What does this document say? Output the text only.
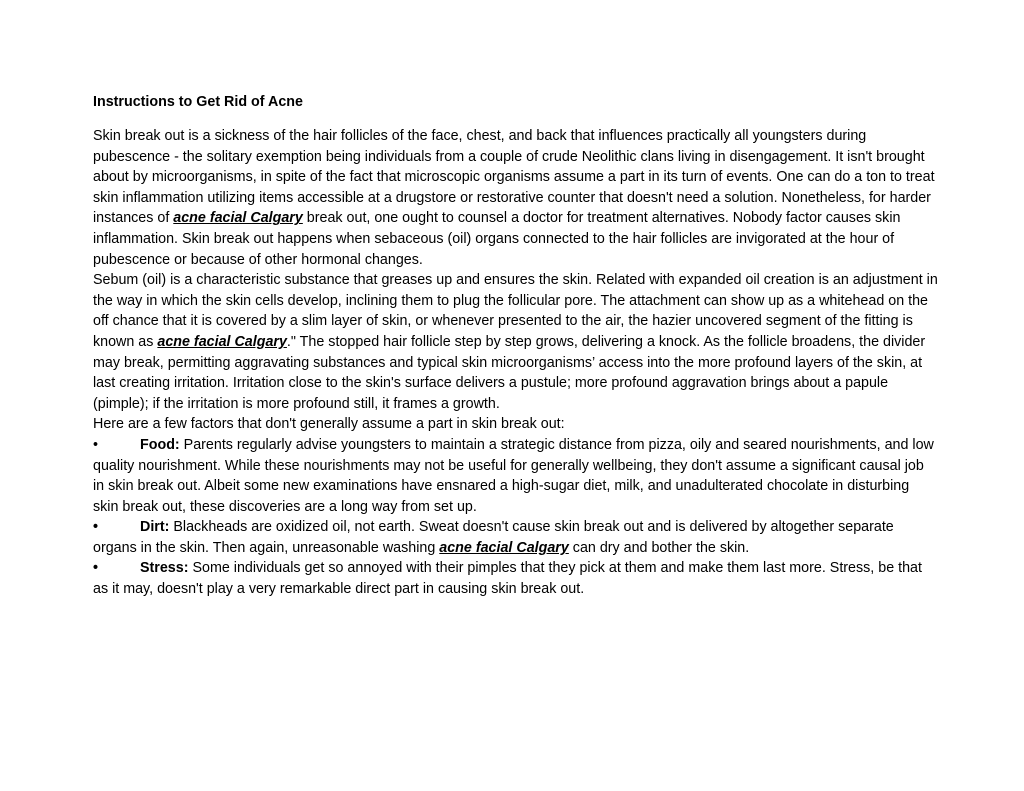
Instructions to Get Rid of Acne

Skin break out is a sickness of the hair follicles of the face, chest, and back that influences practically all youngsters during pubescence - the solitary exemption being individuals from a couple of crude Neolithic clans living in disengagement. It isn't brought about by microorganisms, in spite of the fact that microscopic organisms assume a part in its turn of events. One can do a ton to treat skin inflammation utilizing items accessible at a drugstore or restorative counter that doesn't need a solution. Nonetheless, for harder instances of acne facial Calgary break out, one ought to counsel a doctor for treatment alternatives. Nobody factor causes skin inflammation. Skin break out happens when sebaceous (oil) organs connected to the hair follicles are invigorated at the hour of pubescence or because of other hormonal changes.

Sebum (oil) is a characteristic substance that greases up and ensures the skin. Related with expanded oil creation is an adjustment in the way in which the skin cells develop, inclining them to plug the follicular pore. The attachment can show up as a whitehead on the off chance that it is covered by a slim layer of skin, or whenever presented to the air, the hazier uncovered segment of the fitting is known as acne facial Calgary." The stopped hair follicle step by step grows, delivering a knock. As the follicle broadens, the divider may break, permitting aggravating substances and typical skin microorganisms’ access into the more profound layers of the skin, at last creating irritation. Irritation close to the skin's surface delivers a pustule; more profound aggravation brings about a papule (pimple); if the irritation is more profound still, it frames a growth.

Here are a few factors that don't generally assume a part in skin break out:

•	Food: Parents regularly advise youngsters to maintain a strategic distance from pizza, oily and seared nourishments, and low quality nourishment. While these nourishments may not be useful for generally wellbeing, they don't assume a significant causal job in skin break out. Albeit some new examinations have ensnared a high-sugar diet, milk, and unadulterated chocolate in disturbing skin break out, these discoveries are a long way from set up.

•	Dirt: Blackheads are oxidized oil, not earth. Sweat doesn't cause skin break out and is delivered by altogether separate organs in the skin. Then again, unreasonable washing acne facial Calgary can dry and bother the skin.

•	Stress: Some individuals get so annoyed with their pimples that they pick at them and make them last more. Stress, be that as it may, doesn't play a very remarkable direct part in causing skin break out.
